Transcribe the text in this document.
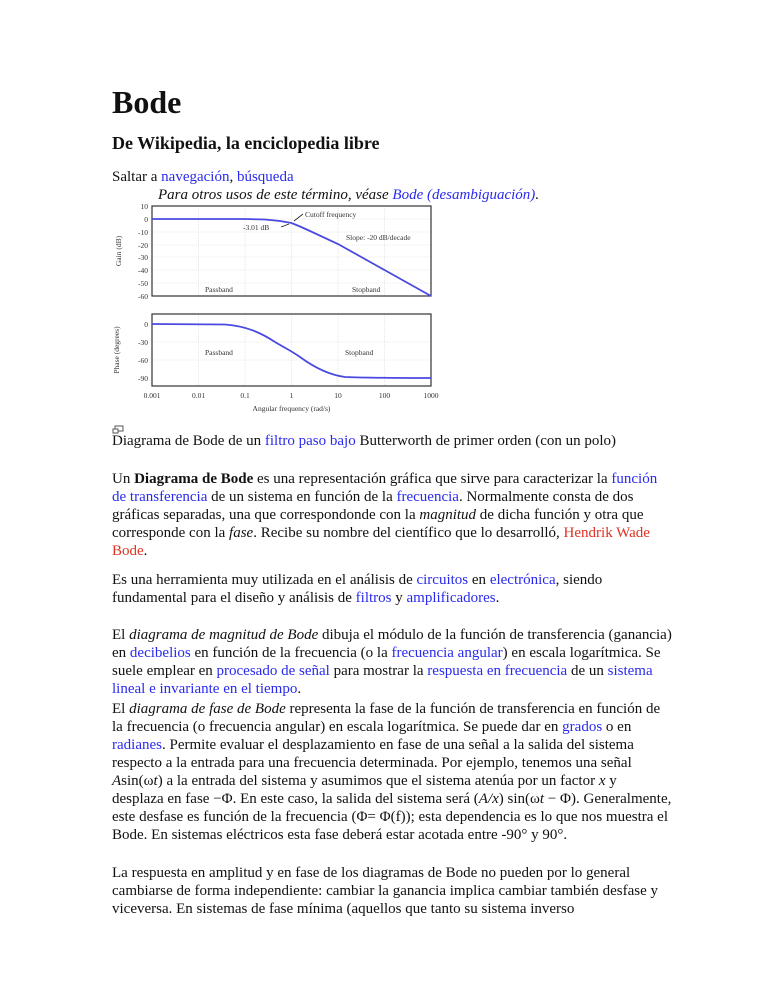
Bode
De Wikipedia, la enciclopedia libre
Saltar a navegación, búsqueda
Para otros usos de este término, véase Bode (desambiguación).
10
0
-10
-20
-30
-40
-50
-60
Gain (dB)
Cutoff frequency
-3.01 dB
Slope: -20 dB/decade
Passband	Stopband
0
-30
-60
-90
Phase (degrees)	Passband	Stopband
0.001	0.01	0.1	1	10	100	1000
Angular frequency (rad/s)
Diagrama de Bode de un filtro paso bajo Butterworth de primer orden (con un polo)

Un Diagrama de Bode es una representación gráfica que sirve para caracterizar la función de transferencia de un sistema en función de la frecuencia. Normalmente consta de dos gráficas separadas, una que correspondonde con la magnitud de dicha función y otra que corresponde con la fase. Recibe su nombre del científico que lo desarrolló, Hendrik Wade Bode.

Es una herramienta muy utilizada en el análisis de circuitos en electrónica, siendo fundamental para el diseño y análisis de filtros y amplificadores.

El diagrama de magnitud de Bode dibuja el módulo de la función de transferencia (ganancia) en decibelios en función de la frecuencia (o la frecuencia angular) en escala logarítmica. Se suele emplear en procesado de señal para mostrar la respuesta en frecuencia de un sistema lineal e invariante en el tiempo.

El diagrama de fase de Bode representa la fase de la función de transferencia en función de la frecuencia (o frecuencia angular) en escala logarítmica. Se puede dar en grados o en radianes. Permite evaluar el desplazamiento en fase de una señal a la salida del sistema respecto a la entrada para una frecuencia determinada. Por ejemplo, tenemos una señal Asin(ωt) a la entrada del sistema y asumimos que el sistema atenúa por un factor x y desplaza en fase −Φ. En este caso, la salida del sistema será (A/x) sin(ωt − Φ). Generalmente, este desfase es función de la frecuencia (Φ= Φ(f)); esta dependencia es lo que nos muestra el Bode. En sistemas eléctricos esta fase deberá estar acotada entre -90° y 90°.

La respuesta en amplitud y en fase de los diagramas de Bode no pueden por lo general cambiarse de forma independiente: cambiar la ganancia implica cambiar también desfase y viceversa. En sistemas de fase mínima (aquellos que tanto su sistema inverso
